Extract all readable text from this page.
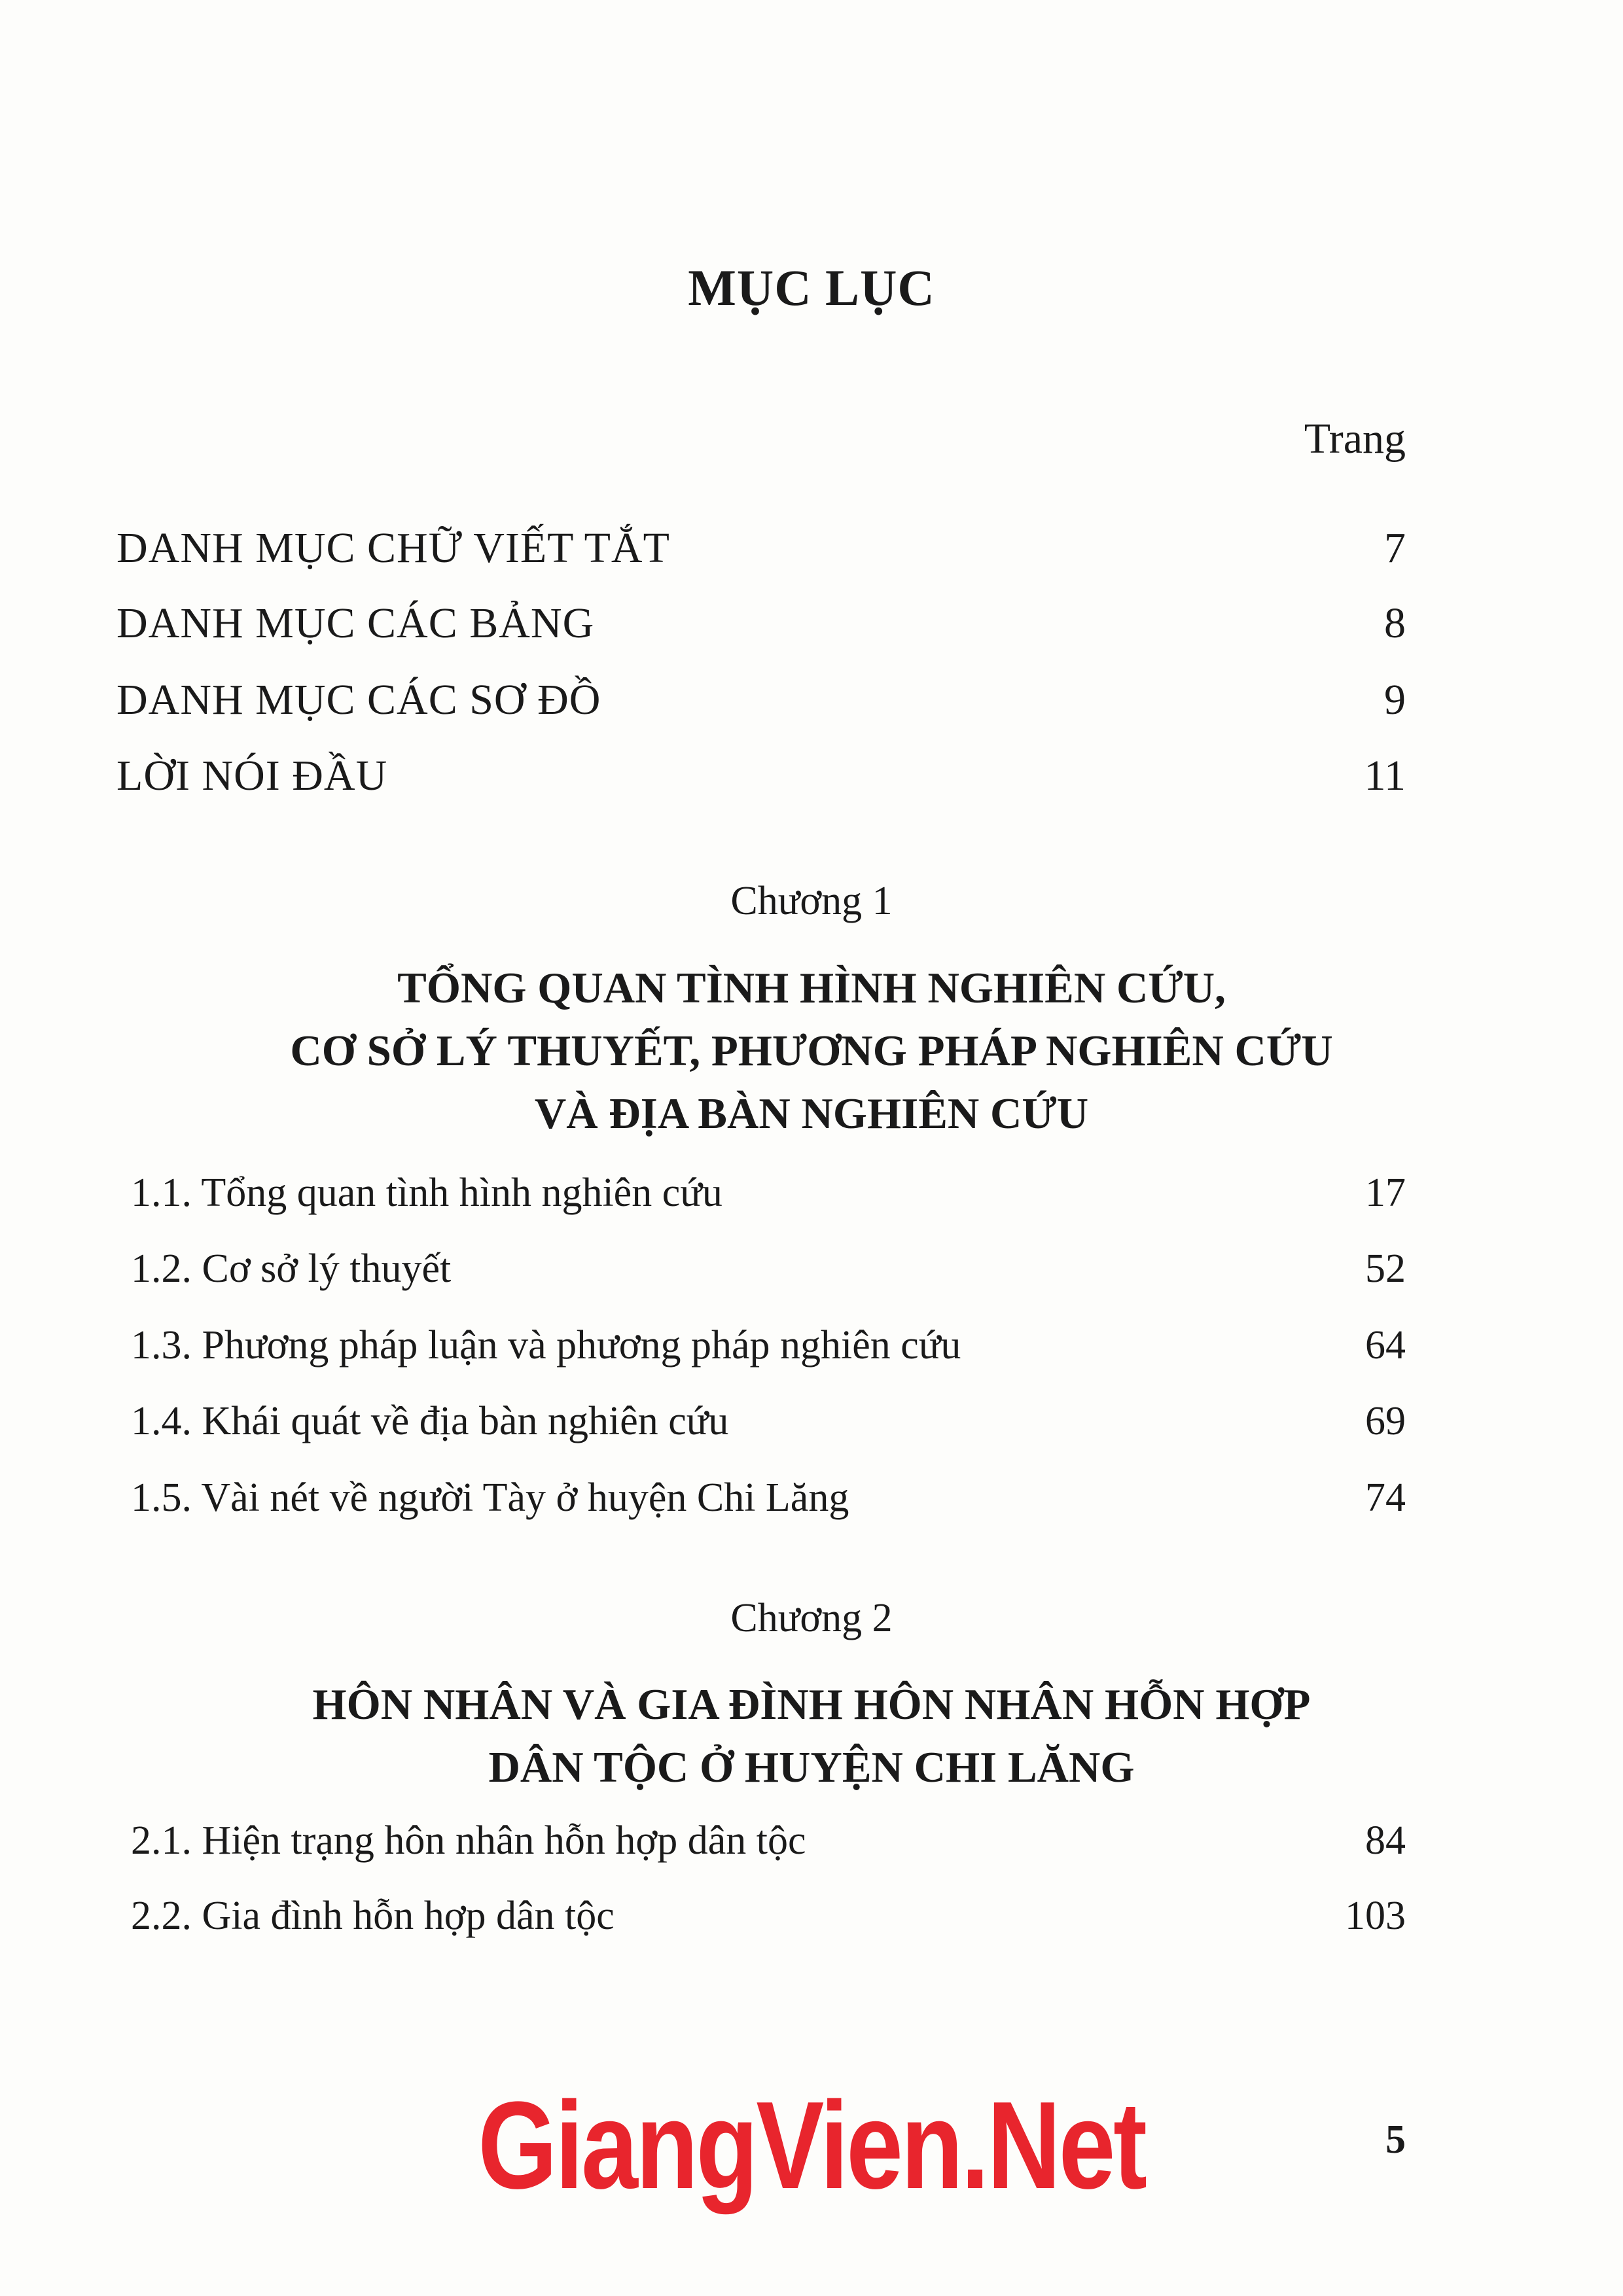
MỤC LỤC
Trang
DANH MỤC CHỮ VIẾT TẮT	7
DANH MỤC CÁC BẢNG	8
DANH MỤC CÁC SƠ ĐỒ	9
LỜI NÓI ĐẦU	11
Chương 1
TỔNG QUAN TÌNH HÌNH NGHIÊN CỨU,
CƠ SỞ LÝ THUYẾT, PHƯƠNG PHÁP NGHIÊN CỨU
VÀ ĐỊA BÀN NGHIÊN CỨU
1.1. Tổng quan tình hình nghiên cứu	17
1.2. Cơ sở lý thuyết	52
1.3. Phương pháp luận và phương pháp nghiên cứu	64
1.4. Khái quát về địa bàn nghiên cứu	69
1.5. Vài nét về người Tày ở huyện Chi Lăng	74
Chương 2
HÔN NHÂN VÀ GIA ĐÌNH HÔN NHÂN HỖN HỢP
DÂN TỘC Ở HUYỆN CHI LĂNG
2.1. Hiện trạng hôn nhân hỗn hợp dân tộc	84
2.2. Gia đình hỗn hợp dân tộc	103
GiangVien.Net	5
